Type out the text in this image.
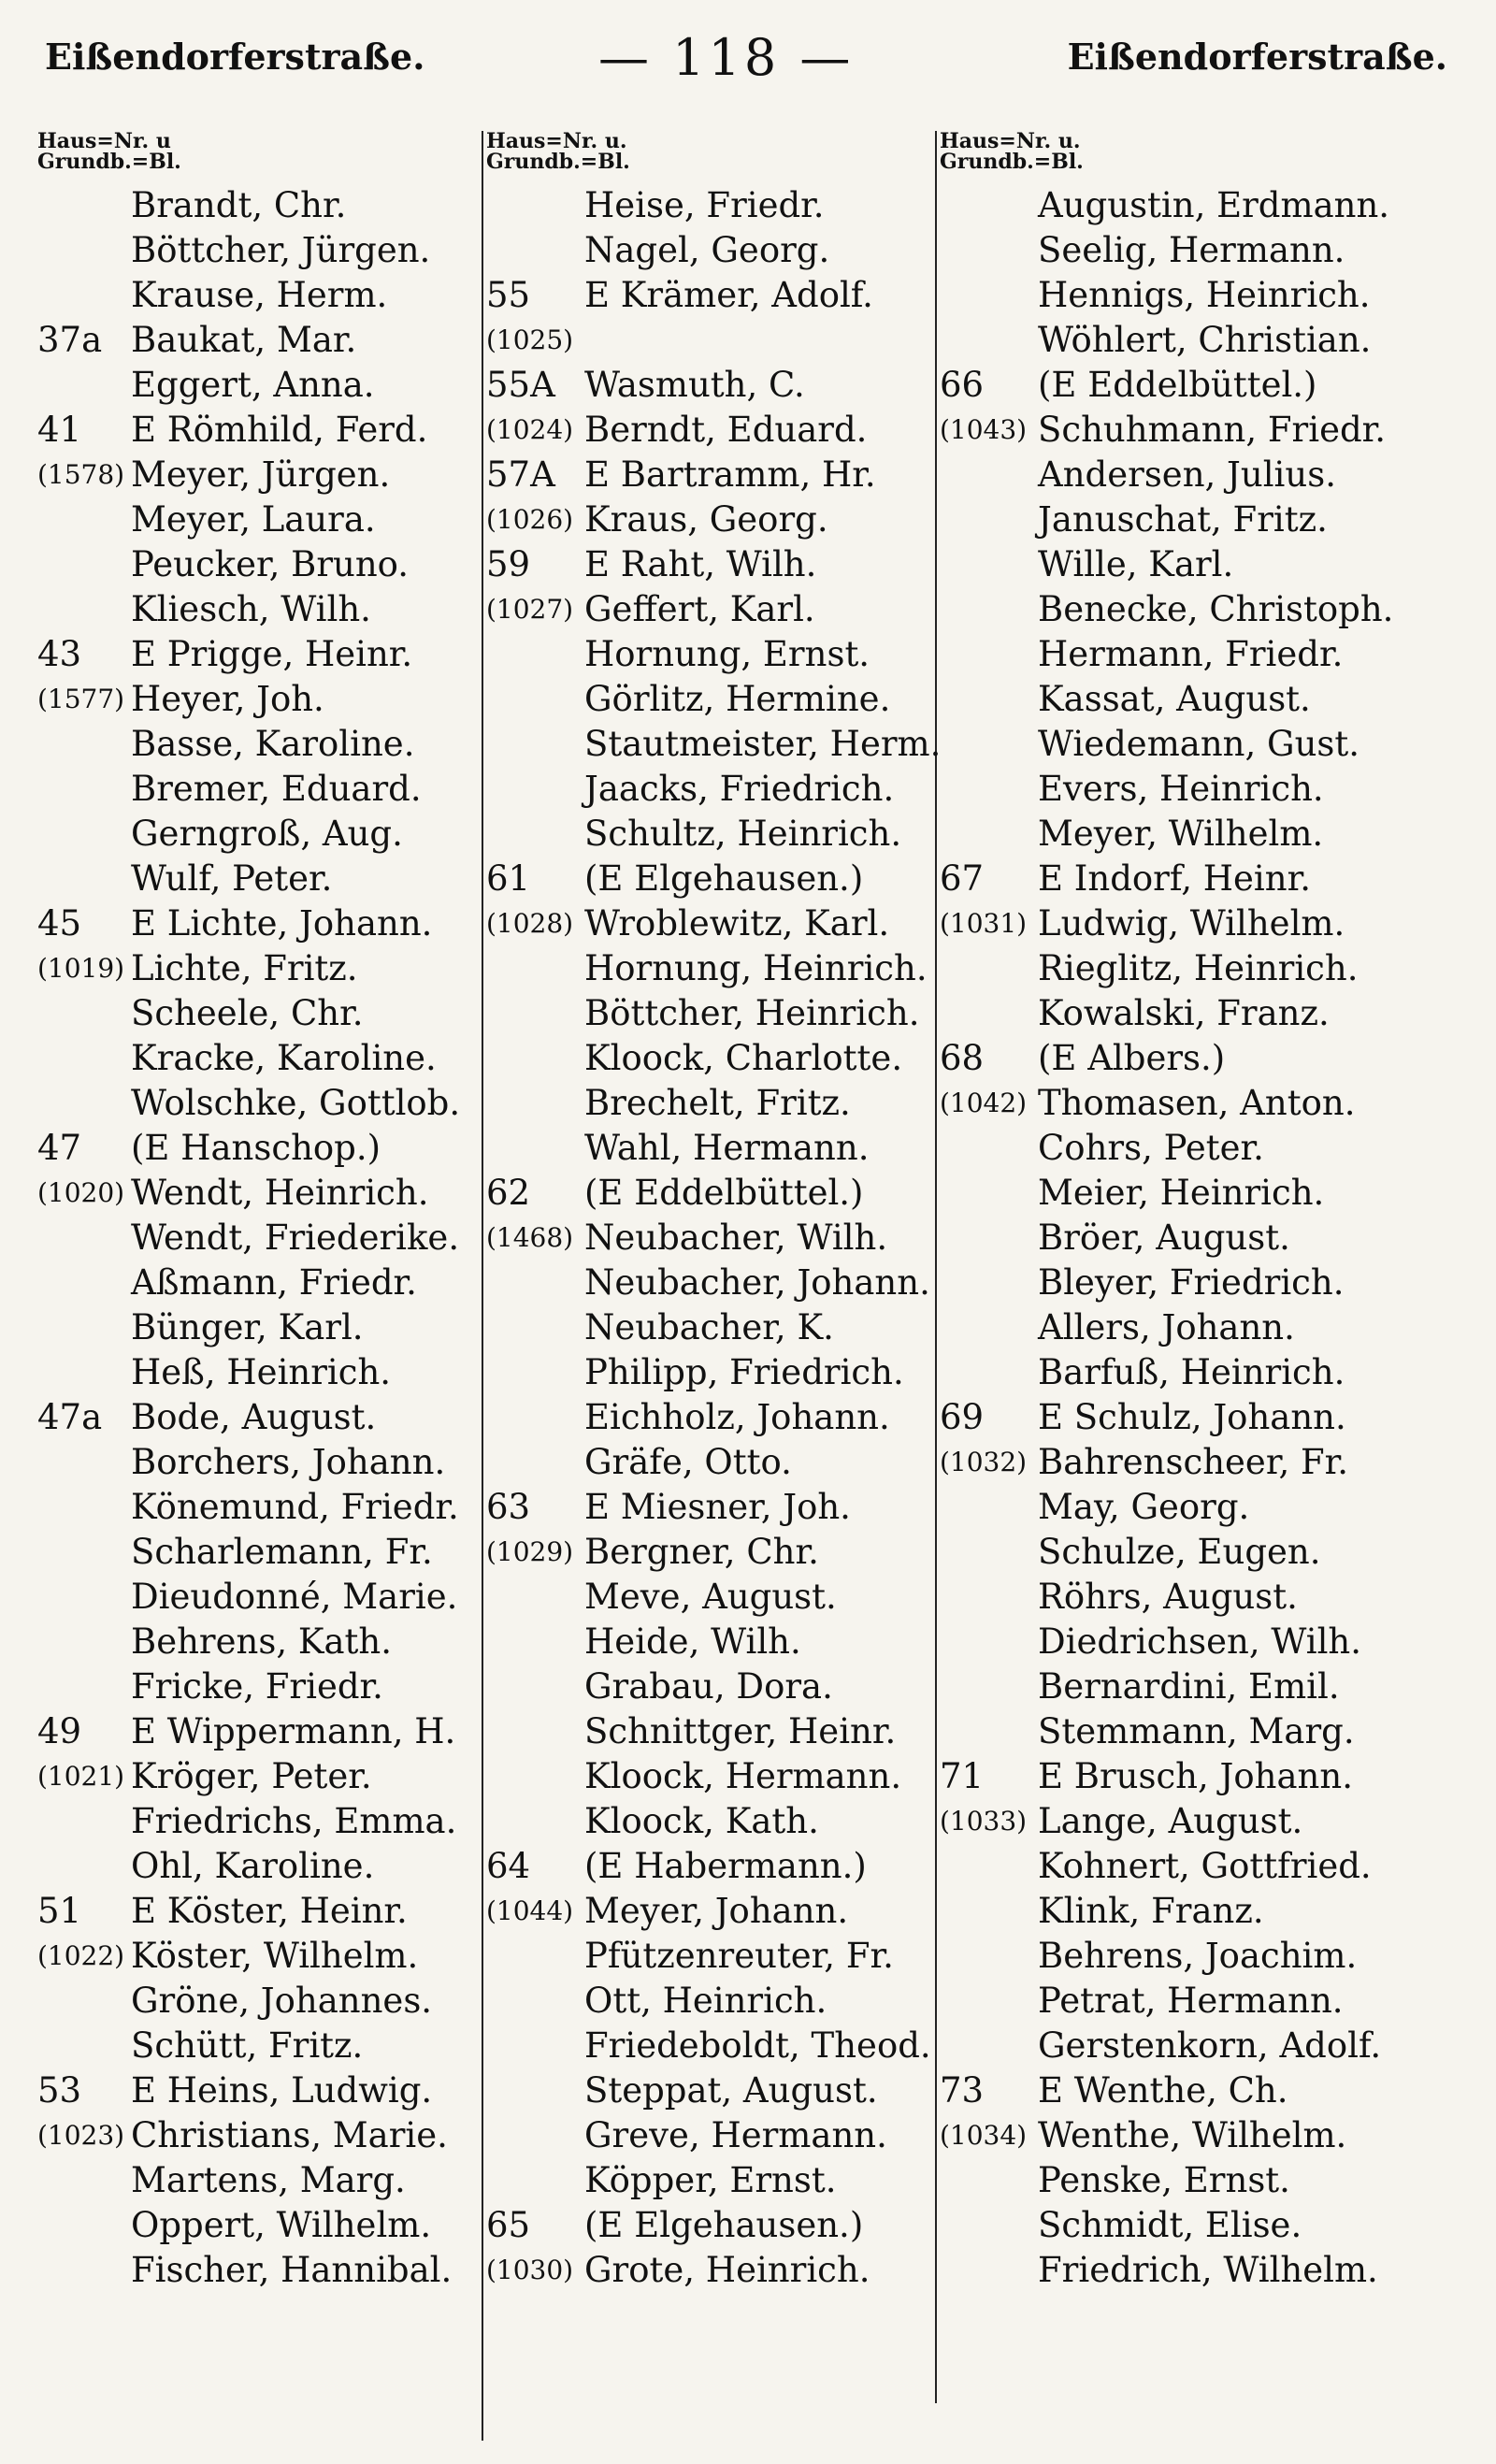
Eißendorferstraße.	— 118 —	Eißendorferstraße.
Haus=Nr. u
Grundb.=Bl.
Brandt, Chr.
Böttcher, Jürgen.
Krause, Herm.
37a Baukat, Mar.
Eggert, Anna.
41 E Römhild, Ferd.
(1578) Meyer, Jürgen.
Meyer, Laura.
Peucker, Bruno.
Kliesch, Wilh.
43 E Prigge, Heinr.
(1577) Heyer, Joh.
Basse, Karoline.
Bremer, Eduard.
Gerngroß, Aug.
Wulf, Peter.
45 E Lichte, Johann.
(1019) Lichte, Fritz.
Scheele, Chr.
Kracke, Karoline.
Wolschke, Gottlob.
47 (E Hanschop.)
(1020) Wendt, Heinrich.
Wendt, Friederike.
Aßmann, Friedr.
Bünger, Karl.
Heß, Heinrich.
47a Bode, August.
Borchers, Johann.
Könemund, Friedr.
Scharlemann, Fr.
Dieudonné, Marie.
Behrens, Kath.
Fricke, Friedr.
49 E Wippermann, H.
(1021) Kröger, Peter.
Friedrichs, Emma.
Ohl, Karoline.
51 E Köster, Heinr.
(1022) Köster, Wilhelm.
Gröne, Johannes.
Schütt, Fritz.
53 E Heins, Ludwig.
(1023) Christians, Marie.
Martens, Marg.
Oppert, Wilhelm.
Fischer, Hannibal.
Haus=Nr. u.
Grundb.=Bl.
Heise, Friedr.
Nagel, Georg.
55 E Krämer, Adolf.
(1025)
55A Wasmuth, C.
(1024) Berndt, Eduard.
57A E Bartramm, Hr.
(1026) Kraus, Georg.
59 E Raht, Wilh.
(1027) Geffert, Karl.
Hornung, Ernst.
Görlitz, Hermine.
Stautmeister, Herm.
Jaacks, Friedrich.
Schultz, Heinrich.
61 (E Elgehausen.)
(1028) Wroblewitz, Karl.
Hornung, Heinrich.
Böttcher, Heinrich.
Kloock, Charlotte.
Brechelt, Fritz.
Wahl, Hermann.
62 (E Eddelbüttel.)
(1468) Neubacher, Wilh.
Neubacher, Johann.
Neubacher, K.
Philipp, Friedrich.
Eichholz, Johann.
Gräfe, Otto.
63 E Miesner, Joh.
(1029) Bergner, Chr.
Meve, August.
Heide, Wilh.
Grabau, Dora.
Schnittger, Heinr.
Kloock, Hermann.
Kloock, Kath.
64 (E Habermann.)
(1044) Meyer, Johann.
Pfützenreuter, Fr.
Ott, Heinrich.
Friedeboldt, Theod.
Steppat, August.
Greve, Hermann.
Köpper, Ernst.
65 (E Elgehausen.)
(1030) Grote, Heinrich.
Haus=Nr. u.
Grundb.=Bl.
Augustin, Erdmann.
Seelig, Hermann.
Hennigs, Heinrich.
Wöhlert, Christian.
66 (E Eddelbüttel.)
(1043) Schuhmann, Friedr.
Andersen, Julius.
Januschat, Fritz.
Wille, Karl.
Benecke, Christoph.
Hermann, Friedr.
Kassat, August.
Wiedemann, Gust.
Evers, Heinrich.
Meyer, Wilhelm.
67 E Indorf, Heinr.
(1031) Ludwig, Wilhelm.
Rieglitz, Heinrich.
Kowalski, Franz.
68 (E Albers.)
(1042) Thomasen, Anton.
Cohrs, Peter.
Meier, Heinrich.
Bröer, August.
Bleyer, Friedrich.
Allers, Johann.
Barfuß, Heinrich.
69 E Schulz, Johann.
(1032) Bahrenscheer, Fr.
May, Georg.
Schulze, Eugen.
Röhrs, August.
Diedrichsen, Wilh.
Bernardini, Emil.
Stemmann, Marg.
71 E Brusch, Johann.
(1033) Lange, August.
Kohnert, Gottfried.
Klink, Franz.
Behrens, Joachim.
Petrat, Hermann.
Gerstenkorn, Adolf.
73 E Wenthe, Ch.
(1034) Wenthe, Wilhelm.
Penske, Ernst.
Schmidt, Elise.
Friedrich, Wilhelm.
